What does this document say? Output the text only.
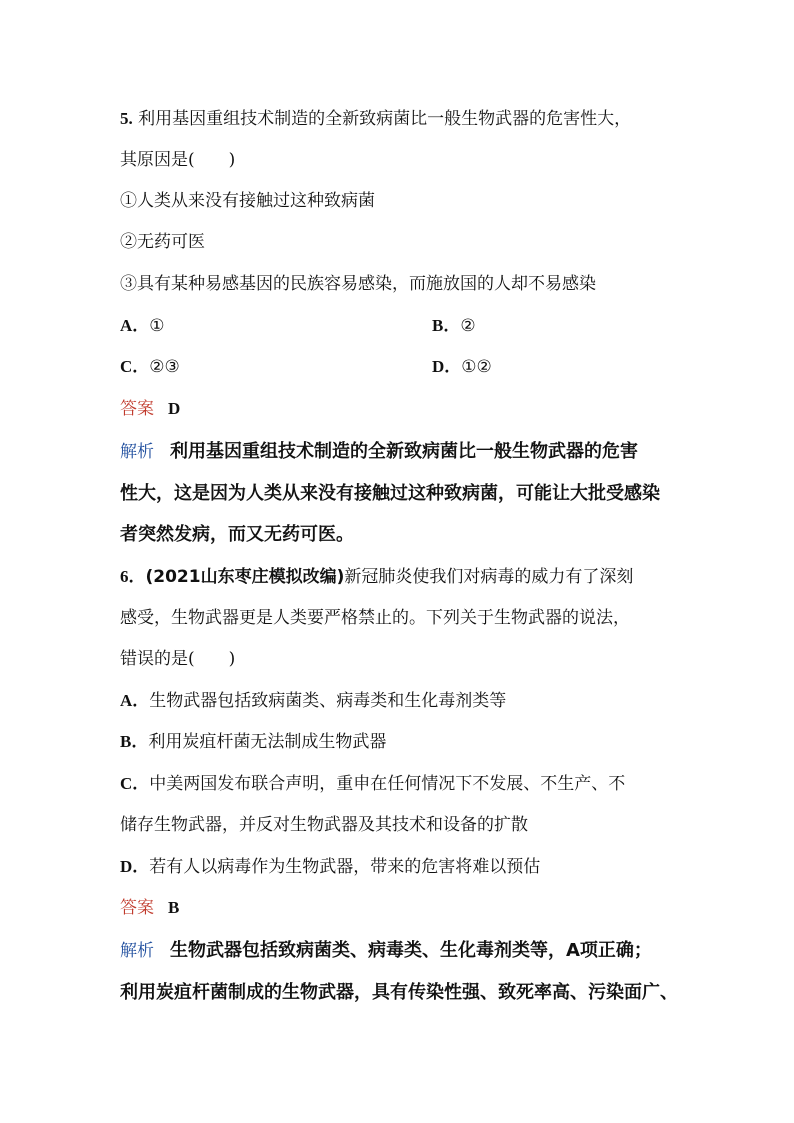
5. 利用基因重组技术制造的全新致病菌比一般生物武器的危害性大，
其原因是(　　)
①人类从来没有接触过这种致病菌
②无药可医
③具有某种易感基因的民族容易感染，而施放国的人却不易感染
A．①	B．②
C．②③	D．①②
答案 D
解析 利用基因重组技术制造的全新致病菌比一般生物武器的危害
性大，这是因为人类从来没有接触过这种致病菌，可能让大批受感染
者突然发病，而又无药可医。
6．(2021山东枣庄模拟改编)新冠肺炎使我们对病毒的威力有了深刻
感受，生物武器更是人类要严格禁止的。下列关于生物武器的说法，
错误的是(　　)
A．生物武器包括致病菌类、病毒类和生化毒剂类等
B．利用炭疽杆菌无法制成生物武器
C．中美两国发布联合声明，重申在任何情况下不发展、不生产、不
储存生物武器，并反对生物武器及其技术和设备的扩散
D．若有人以病毒作为生物武器，带来的危害将难以预估
答案 B
解析 生物武器包括致病菌类、病毒类、生化毒剂类等，A项正确；
利用炭疽杆菌制成的生物武器，具有传染性强、致死率高、污染面广、
